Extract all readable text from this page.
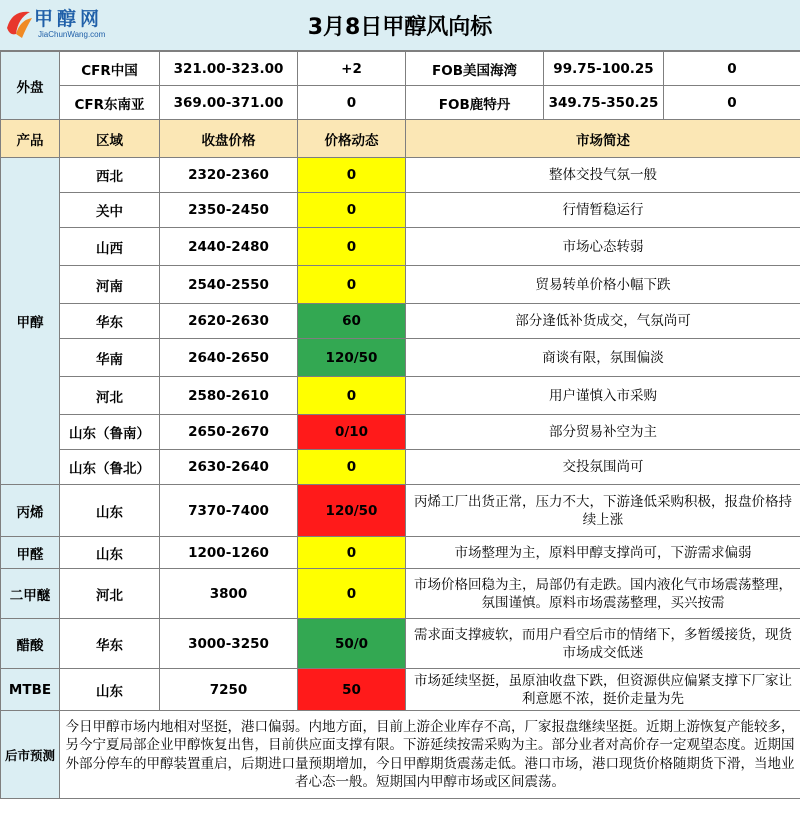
甲醇网
JiaChunWang.com	3月8日甲醇风向标
外盘	CFR中国	321.00-323.00	+2	FOB美国海湾	99.75-100.25	0
	CFR东南亚	369.00-371.00	0	FOB鹿特丹	349.75-350.25	0
产品	区域	收盘价格	价格动态	市场简述		
甲醇	西北	2320-2360	0	整体交投气氛一般		
	关中	2350-2450	0	行情暂稳运行		
	山西	2440-2480	0	市场心态转弱		
	河南	2540-2550	0	贸易转单价格小幅下跌		
	华东	2620-2630	60	部分逢低补货成交，气氛尚可		
	华南	2640-2650	120/50	商谈有限，氛围偏淡		
	河北	2580-2610	0	用户谨慎入市采购		
	山东（鲁南）	2650-2670	0/10	部分贸易补空为主		
	山东（鲁北）	2630-2640	0	交投氛围尚可		
丙烯	山东	7370-7400	120/50	丙烯工厂出货正常，压力不大，下游逢低采购积极，报盘价格持续上涨		
甲醛	山东	1200-1260	0	市场整理为主，原料甲醇支撑尚可，下游需求偏弱		
二甲醚	河北	3800	0	市场价格回稳为主，局部仍有走跌。国内液化气市场震荡整理，氛围谨慎。原料市场震荡整理，买兴按需		
醋酸	华东	3000-3250	50/0	需求面支撑疲软，而用户看空后市的情绪下，多暂缓接货，现货市场成交低迷		
MTBE	山东	7250	50	市场延续坚挺，虽原油收盘下跌，但资源供应偏紧支撑下厂家让利意愿不浓，挺价走量为先		
后市预测	今日甲醇市场内地相对坚挺，港口偏弱。内地方面，目前上游企业库存不高，厂家报盘继续坚挺。近期上游恢复产能较多，另今宁夏局部企业甲醇恢复出售，目前供应面支撑有限。下游延续按需采购为主。部分业者对高价存一定观望态度。近期国外部分停车的甲醇装置重启，后期进口量预期增加，今日甲醇期货震荡走低。港口市场，港口现货价格随期货下滑，当地业者心态一般。短期国内甲醇市场或区间震荡。					
